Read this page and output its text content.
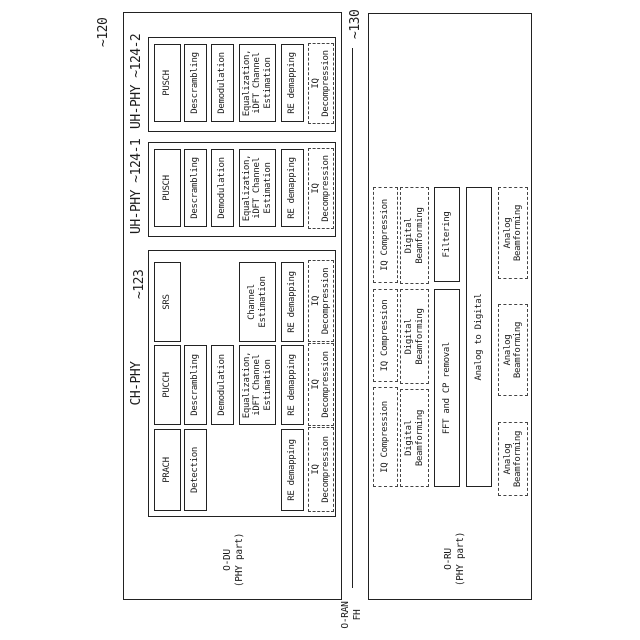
~120
O-DU (PHY part)
CH-PHY
~123
UH-PHY ~124-1
UH-PHY ~124-2
PRACH Detection	RE demapping IQ Decompression
PUCCH Descrambling Demodulation Equalization, iDFT Channel Estimation RE demapping IQ Decompression
SRS	Channel Estimation RE demapping IQ Decompression
PUSCH Descrambling Demodulation Equalization, iDFT Channel Estimation RE demapping IQ Decompression
PUSCH Descrambling Demodulation Equalization, iDFT Channel Estimation RE demapping IQ Decompression
O-RAN FH
~130
O-RU (PHY part)
IQ Compression
IQ Compression
IQ Compression
Digital Beamforming
Digital Beamforming
Digital Beamforming
FFT and CP removal
Filtering
Analog to Digital
Analog Beamforming
Analog Beamforming
Analog Beamforming
